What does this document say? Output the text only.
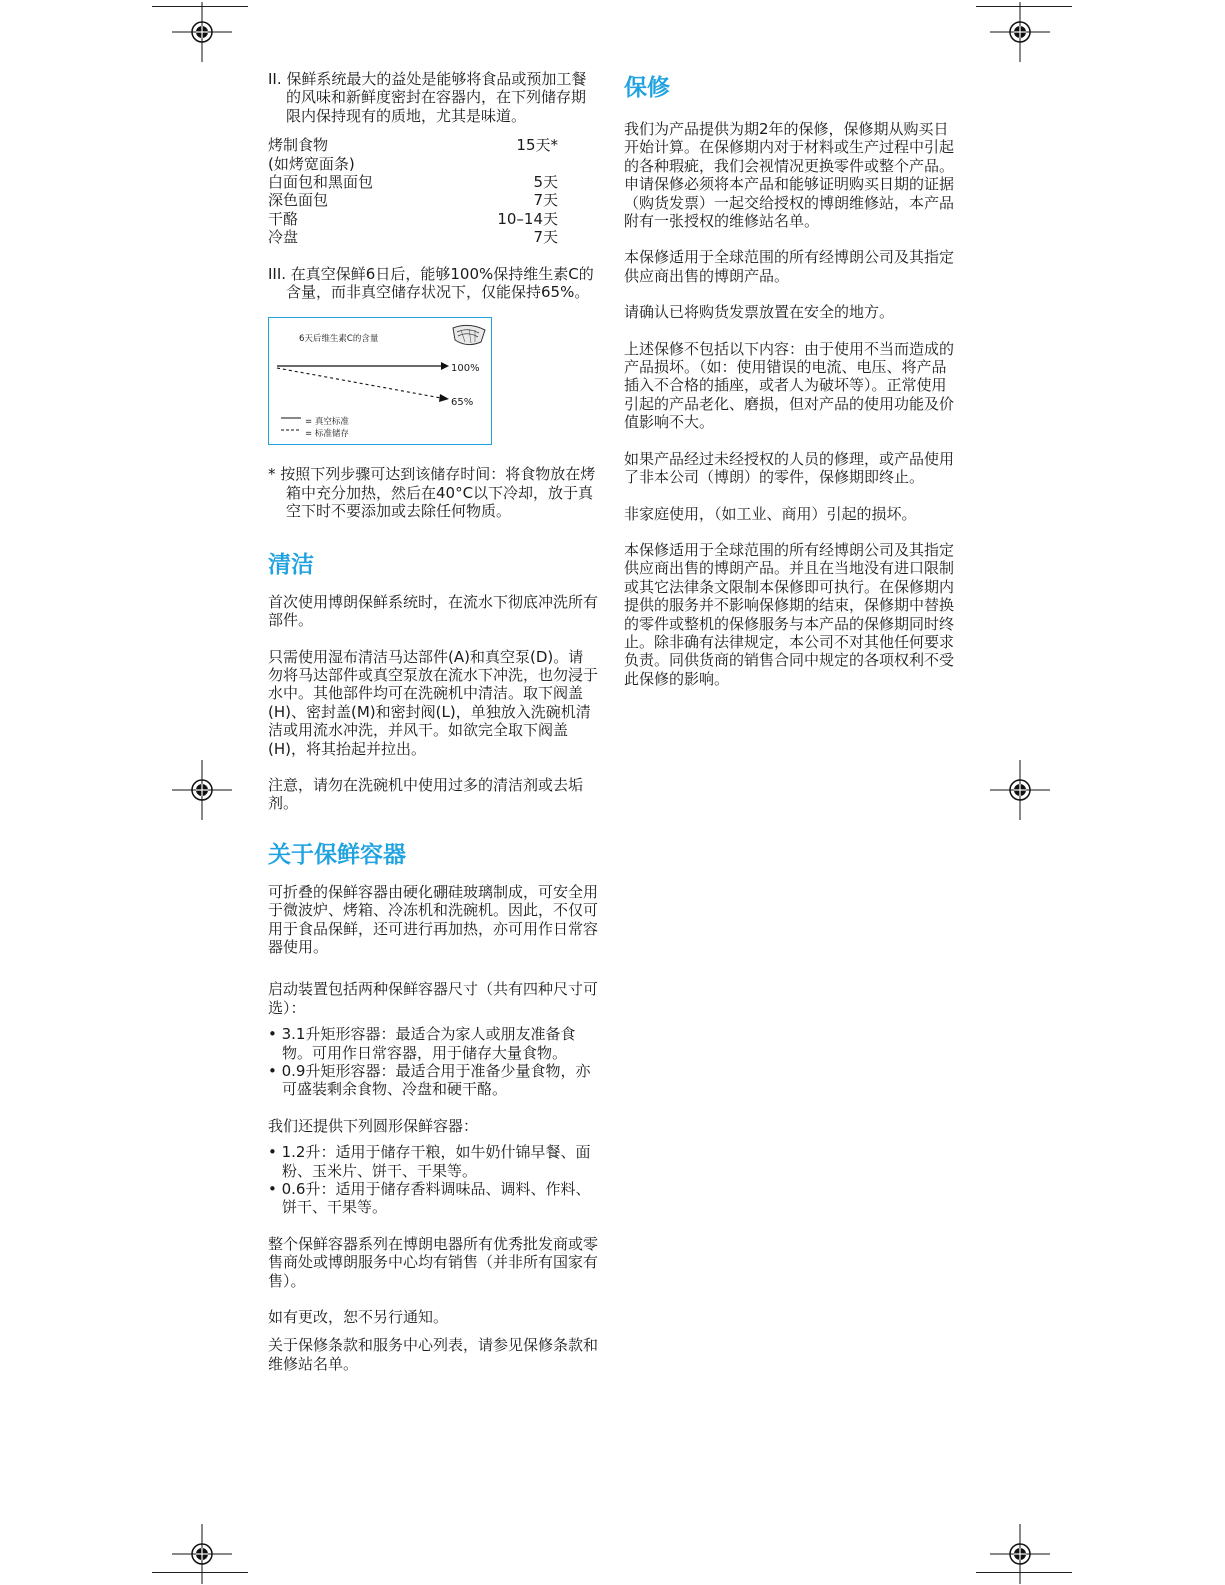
II. 保鲜系统最大的益处是能够将食品或预加工餐的风味和新鲜度密封在容器内，在下列储存期限内保持现有的质地，尤其是味道。

烤制食物	15天*
(如烤宽面条)	
白面包和黑面包	5天
深色面包	7天
干酪	10–14天
冷盘	7天

III. 在真空保鲜6日后，能够100%保持维生素C的含量，而非真空储存状况下，仅能保持65%。

6天后维生素C的含量
100%
65%
= 真空标准
= 标准储存

* 按照下列步骤可达到该储存时间：将食物放在烤箱中充分加热，然后在40°C以下冷却，放于真空下时不要添加或去除任何物质。

清洁

首次使用博朗保鲜系统时，在流水下彻底冲洗所有部件。

只需使用湿布清洁马达部件(A)和真空泵(D)。请勿将马达部件或真空泵放在流水下冲洗，也勿浸于水中。其他部件均可在洗碗机中清洁。取下阀盖(H)、密封盖(M)和密封阀(L)，单独放入洗碗机清洁或用流水冲洗，并风干。如欲完全取下阀盖(H)，将其抬起并拉出。

注意，请勿在洗碗机中使用过多的清洁剂或去垢剂。

关于保鲜容器

可折叠的保鲜容器由硬化硼硅玻璃制成，可安全用于微波炉、烤箱、冷冻机和洗碗机。因此，不仅可用于食品保鲜，还可进行再加热，亦可用作日常容器使用。

启动装置包括两种保鲜容器尺寸（共有四种尺寸可选）：

• 3.1升矩形容器：最适合为家人或朋友准备食物。可用作日常容器，用于储存大量食物。

• 0.9升矩形容器：最适合用于准备少量食物，亦可盛装剩余食物、冷盘和硬干酪。

我们还提供下列圆形保鲜容器：

• 1.2升：适用于储存干粮，如牛奶什锦早餐、面粉、玉米片、饼干、干果等。

• 0.6升：适用于储存香料调味品、调料、作料、饼干、干果等。

整个保鲜容器系列在博朗电器所有优秀批发商或零售商处或博朗服务中心均有销售（并非所有国家有售）。

如有更改，恕不另行通知。

关于保修条款和服务中心列表，请参见保修条款和维修站名单。

保修

我们为产品提供为期2年的保修，保修期从购买日开始计算。在保修期内对于材料或生产过程中引起的各种瑕疵，我们会视情况更换零件或整个产品。申请保修必须将本产品和能够证明购买日期的证据（购货发票）一起交给授权的博朗维修站，本产品附有一张授权的维修站名单。

本保修适用于全球范围的所有经博朗公司及其指定供应商出售的博朗产品。

请确认已将购货发票放置在安全的地方。

上述保修不包括以下内容：由于使用不当而造成的产品损坏。（如：使用错误的电流、电压、将产品插入不合格的插座，或者人为破坏等）。正常使用引起的产品老化、磨损，但对产品的使用功能及价值影响不大。

如果产品经过未经授权的人员的修理，或产品使用了非本公司（博朗）的零件，保修期即终止。

非家庭使用，（如工业、商用）引起的损坏。

本保修适用于全球范围的所有经博朗公司及其指定供应商出售的博朗产品。并且在当地没有进口限制或其它法律条文限制本保修即可执行。在保修期内提供的服务并不影响保修期的结束，保修期中替换的零件或整机的保修服务与本产品的保修期同时终止。除非确有法律规定，本公司不对其他任何要求负责。同供货商的销售合同中规定的各项权利不受此保修的影响。
